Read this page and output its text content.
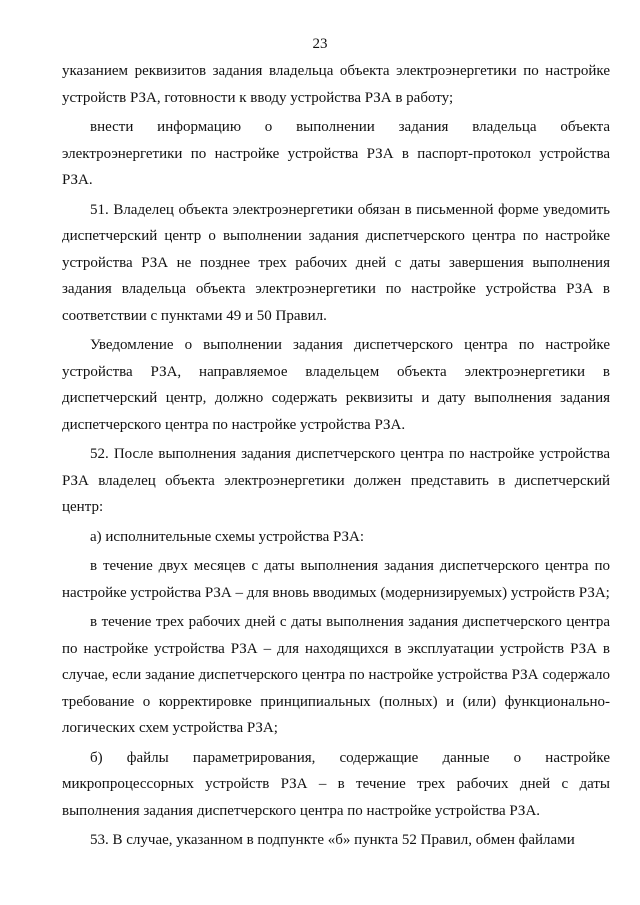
23

указанием реквизитов задания владельца объекта электроэнергетики по настройке устройств РЗА, готовности к вводу устройства РЗА в работу;

внести информацию о выполнении задания владельца объекта электроэнергетики по настройке устройства РЗА в паспорт-протокол устройства РЗА.

51. Владелец объекта электроэнергетики обязан в письменной форме уведомить диспетчерский центр о выполнении задания диспетчерского центра по настройке устройства РЗА не позднее трех рабочих дней с даты завершения выполнения задания владельца объекта электроэнергетики по настройке устройства РЗА в соответствии с пунктами 49 и 50 Правил.

Уведомление о выполнении задания диспетчерского центра по настройке устройства РЗА, направляемое владельцем объекта электроэнергетики в диспетчерский центр, должно содержать реквизиты и дату выполнения задания диспетчерского центра по настройке устройства РЗА.

52. После выполнения задания диспетчерского центра по настройке устройства РЗА владелец объекта электроэнергетики должен представить в диспетчерский центр:

а) исполнительные схемы устройства РЗА:

в течение двух месяцев с даты выполнения задания диспетчерского центра по настройке устройства РЗА – для вновь вводимых (модернизируемых) устройств РЗА;

в течение трех рабочих дней с даты выполнения задания диспетчерского центра по настройке устройства РЗА – для находящихся в эксплуатации устройств РЗА в случае, если задание диспетчерского центра по настройке устройства РЗА содержало требование о корректировке принципиальных (полных) и (или) функционально-логических схем устройства РЗА;

б) файлы параметрирования, содержащие данные о настройке микропроцессорных устройств РЗА – в течение трех рабочих дней с даты выполнения задания диспетчерского центра по настройке устройства РЗА.

53. В случае, указанном в подпункте «б» пункта 52 Правил, обмен файлами
